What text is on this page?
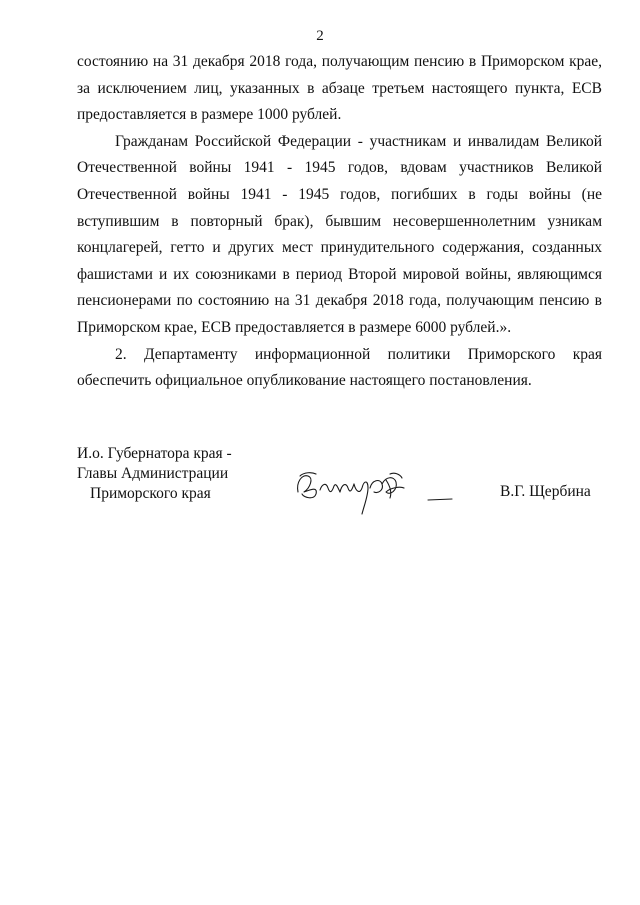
2

состоянию на 31 декабря 2018 года, получающим пенсию в Приморском крае, за исключением лиц, указанных в абзаце третьем настоящего пункта, ЕСВ предоставляется в размере 1000 рублей.

Гражданам Российской Федерации - участникам и инвалидам Великой Отечественной войны 1941 - 1945 годов, вдовам участников Великой Отечественной войны 1941 - 1945 годов, погибших в годы войны (не вступившим в повторный брак), бывшим несовершеннолетним узникам концлагерей, гетто и других мест принудительного содержания, созданных фашистами и их союзниками в период Второй мировой войны, являющимся пенсионерами по состоянию на 31 декабря 2018 года, получающим пенсию в Приморском крае, ЕСВ предоставляется в размере 6000 рублей.».

2. Департаменту информационной политики Приморского края обеспечить официальное опубликование настоящего постановления.

И.о. Губернатора края -
Главы Администрации
Приморского края	В.Г. Щербина
